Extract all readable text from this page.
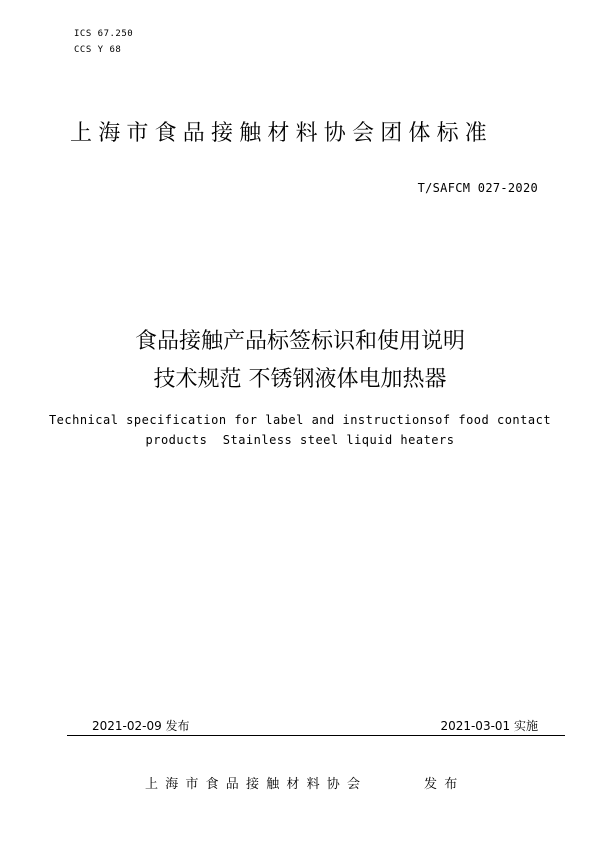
ICS 67.250
CCS Y 68
上海市食品接触材料协会团体标准
T/SAFCM 027-2020
食品接触产品标签标识和使用说明
技术规范 不锈钢液体电加热器
Technical specification for label and instructionsof food contact
products  Stainless steel liquid heaters
2021-02-09 发布	2021-03-01 实施
上海市食品接触材料协会	发布
